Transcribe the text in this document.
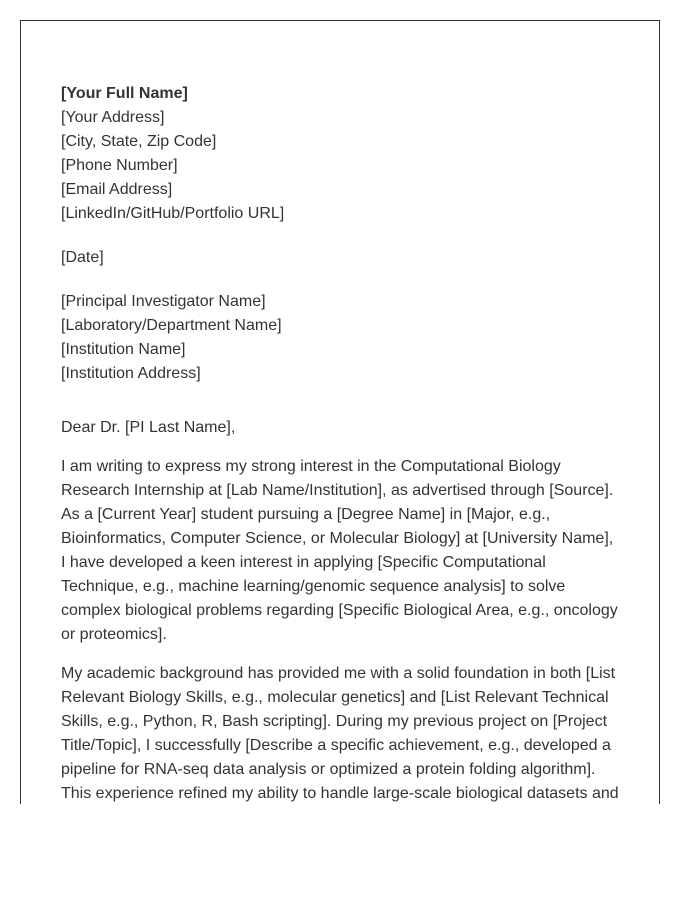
[Your Full Name]
[Your Address]
[City, State, Zip Code]
[Phone Number]
[Email Address]
[LinkedIn/GitHub/Portfolio URL]
[Date]
[Principal Investigator Name]
[Laboratory/Department Name]
[Institution Name]
[Institution Address]
Dear Dr. [PI Last Name],
I am writing to express my strong interest in the Computational Biology
Research Internship at [Lab Name/Institution], as advertised through [Source].
As a [Current Year] student pursuing a [Degree Name] in [Major, e.g.,
Bioinformatics, Computer Science, or Molecular Biology] at [University Name],
I have developed a keen interest in applying [Specific Computational
Technique, e.g., machine learning/genomic sequence analysis] to solve
complex biological problems regarding [Specific Biological Area, e.g., oncology
or proteomics].
My academic background has provided me with a solid foundation in both [List
Relevant Biology Skills, e.g., molecular genetics] and [List Relevant Technical
Skills, e.g., Python, R, Bash scripting]. During my previous project on [Project
Title/Topic], I successfully [Describe a specific achievement, e.g., developed a
pipeline for RNA-seq data analysis or optimized a protein folding algorithm].
This experience refined my ability to handle large-scale biological datasets and
